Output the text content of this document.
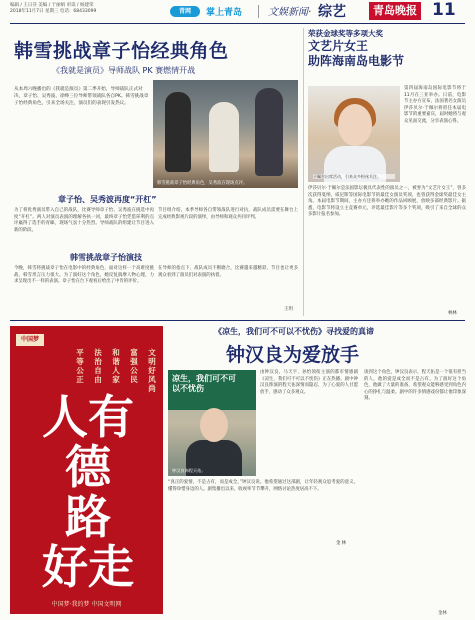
编辑 / 王日芬 美编 / 于丽娟 审读 / 杨建荣
2018年11月7日 星期三 电话：68433099	青网	掌上青岛	文娱新闻· 综艺	青岛晚报 11
韩雪挑战章子怡经典角色
《我就是演员》导师战队 PK 赛燃情开战
从本周六晚播出的《我就是演员》第二季开始，导师战队正式对决，章子怡、吴秀波、徐峥三位导师带领战队各自PK。韩雪挑战章子怡经典角色，引来全场关注，演员们的表现引发热议。
韩雪挑战章子怡经典角色，吴秀波在现场点评。
章子怡、吴秀波再度“开杠”
为了将优秀演员带入自己的战队，比赛导师章子怡、吴秀波在挑选中再度“开杠”。两人对演员表演的理解各执一词，最终章子怡凭借犀利的点评赢得了选手的青睐，现场气氛十分热烈。导师战队的组建让节目进入新的阶段。
节目组介绍，本季导师各自带领战队进行对抗，战队成员需要在舞台上完成经典影视片段的演绎，由导师和观众共同评判。
韩雪挑战章子怡演技
今晚，韩雪将挑战章子怡在电影中的经典角色，面对这样一个高难度挑战，韩雪坦言压力很大。为了演好这个角色，她反复揣摩人物心理，力求呈现出不一样的表演。章子怡在台下观看后给出了中肯的评价。
在导师的指点下，战队成员不断磨合，比赛越来越精彩，节目也让更多观众看到了演员们对表演的执着。
王玥
荣获金球奖等多项大奖
文艺片女王
助阵海南岛电影节
于佩尔出席活动，引来众多粉丝关注。
第四届海南岛国际电影节将于11月在三亚举办。日前，电影节主办方宣布，法国著名女演员伊莎贝尔·于佩尔将担任本届电影节的重要嘉宾，届时她将与观众见面交流，分享表演心得。
伊莎贝尔·于佩尔是法国影坛极具代表性的演员之一，被誉为“文艺片女王”，曾多次获得戛纳、威尼斯等国际电影节的最佳女演员奖项，也曾获得金球奖最佳女主角。本届电影节期间，主办方还将举办她的作品回顾展，放映多部经典影片。据悉，电影节将设立主竞赛单元，评选最佳影片等多个奖项，吸引了来自全球的众多影片报名参加。
林林
中国梦
文明好风尚
富强公民
和谐人家
法治自由
平等公正
人有
德
路
好走
中国梦·我的梦 中国文明网
《凉生，我们可不可以不忧伤》寻找爱的真谛
钟汉良为爱放手
凉生，我们可不可以不忧伤
钟汉良饰程天佑。
由钟汉良、马天宇、孙怡领衔主演的都市情感剧《凉生，我们可不可以不忧伤》正在热播。剧中钟汉良饰演的程天佑深情而隐忍，为了心爱的人甘愿放手，感动了众多观众。
谈到这个角色，钟汉良表示，程天佑是一个很有担当的人，他的爱是成全而不是占有。为了演好这个角色，他做了大量的准备，希望观众能够感受到角色内心的挣扎与温柔。剧中的许多情感戏份都让他印象深刻。
“真正的爱情，不是占有，而是成全。”钟汉良说。他希望通过这部剧，让年轻观众思考爱的意义，懂得珍惜身边的人。剧集播出以来，收视率节节攀升，网络讨论热度居高不下。
金 林
金林
